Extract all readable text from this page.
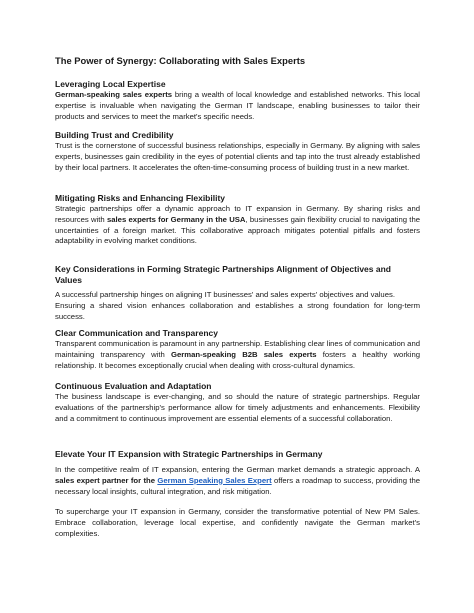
The Power of Synergy: Collaborating with Sales Experts
Leveraging Local Expertise
German-speaking sales experts bring a wealth of local knowledge and established networks. This local expertise is invaluable when navigating the German IT landscape, enabling businesses to tailor their products and services to meet the market's specific needs.
Building Trust and Credibility
Trust is the cornerstone of successful business relationships, especially in Germany. By aligning with sales experts, businesses gain credibility in the eyes of potential clients and tap into the trust already established by their local partners. It accelerates the often-time-consuming process of building trust in a new market.
Mitigating Risks and Enhancing Flexibility
Strategic partnerships offer a dynamic approach to IT expansion in Germany. By sharing risks and resources with sales experts for Germany in the USA, businesses gain flexibility crucial to navigating the uncertainties of a foreign market. This collaborative approach mitigates potential pitfalls and fosters adaptability in evolving market conditions.
Key Considerations in Forming Strategic Partnerships Alignment of Objectives and Values
A successful partnership hinges on aligning IT businesses' and sales experts' objectives and values.
Ensuring a shared vision enhances collaboration and establishes a strong foundation for long-term success.
Clear Communication and Transparency
Transparent communication is paramount in any partnership. Establishing clear lines of communication and maintaining transparency with German-speaking B2B sales experts fosters a healthy working relationship. It becomes exceptionally crucial when dealing with cross-cultural dynamics.
Continuous Evaluation and Adaptation
The business landscape is ever-changing, and so should the nature of strategic partnerships. Regular evaluations of the partnership's performance allow for timely adjustments and enhancements. Flexibility and a commitment to continuous improvement are essential elements of a successful collaboration.
Elevate Your IT Expansion with Strategic Partnerships in Germany
In the competitive realm of IT expansion, entering the German market demands a strategic approach. A sales expert partner for the German Speaking Sales Expert offers a roadmap to success, providing the necessary local insights, cultural integration, and risk mitigation.
To supercharge your IT expansion in Germany, consider the transformative potential of New PM Sales. Embrace collaboration, leverage local expertise, and confidently navigate the German market's complexities.
